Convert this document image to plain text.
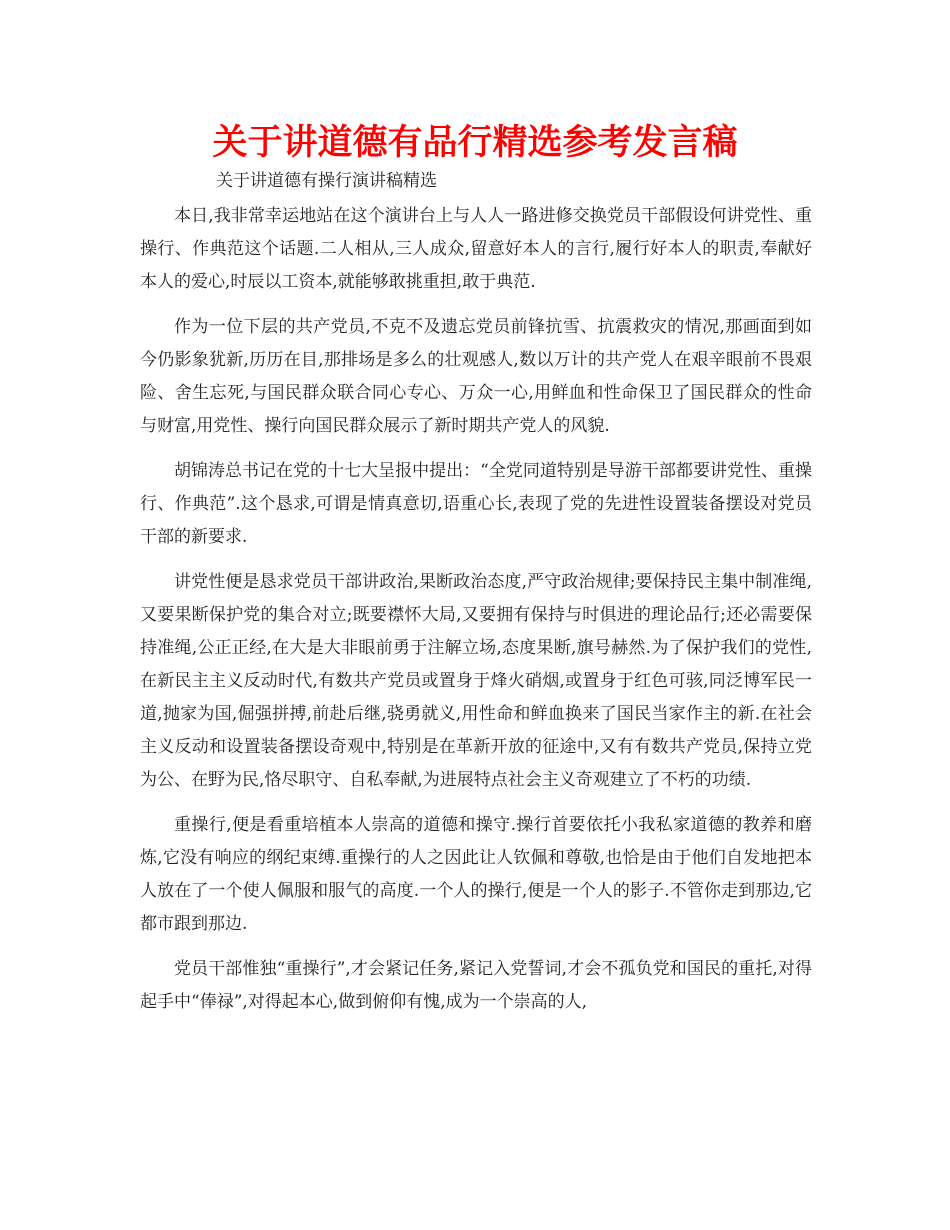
关于讲道德有品行精选参考发言稿
关于讲道德有操行演讲稿精选

本日,我非常幸运地站在这个演讲台上与人人一路进修交换党员干部假设何讲党性、重操行、作典范这个话题.二人相从,三人成众,留意好本人的言行,履行好本人的职责,奉献好本人的爱心,时辰以工资本,就能够敢挑重担,敢于典范.

作为一位下层的共产党员,不克不及遗忘党员前锋抗雪、抗震救灾的情况,那画面到如今仍影象犹新,历历在目,那排场是多么的壮观感人,数以万计的共产党人在艰辛眼前不畏艰险、舍生忘死,与国民群众联合同心专心、万众一心,用鲜血和性命保卫了国民群众的性命与财富,用党性、操行向国民群众展示了新时期共产党人的风貌.

胡锦涛总书记在党的十七大呈报中提出：“全党同道特别是导游干部都要讲党性、重操行、作典范”.这个恳求,可谓是情真意切,语重心长,表现了党的先进性设置装备摆设对党员干部的新要求.

讲党性便是恳求党员干部讲政治,果断政治态度,严守政治规律;要保持民主集中制准绳,又要果断保护党的集合对立;既要襟怀大局,又要拥有保持与时俱进的理论品行;还必需要保持准绳,公正正经,在大是大非眼前勇于注解立场,态度果断,旗号赫然.为了保护我们的党性,在新民主主义反动时代,有数共产党员或置身于烽火硝烟,或置身于红色可骇,同泛博军民一道,抛家为国,倔强拼搏,前赴后继,骁勇就义,用性命和鲜血换来了国民当家作主的新.在社会主义反动和设置装备摆设奇观中,特别是在革新开放的征途中,又有有数共产党员,保持立党为公、在野为民,恪尽职守、自私奉献,为进展特点社会主义奇观建立了不朽的功绩.

重操行,便是看重培植本人崇高的道德和操守.操行首要依托小我私家道德的教养和磨炼,它没有响应的纲纪束缚.重操行的人之因此让人钦佩和尊敬,也恰是由于他们自发地把本人放在了一个使人佩服和服气的高度.一个人的操行,便是一个人的影子.不管你走到那边,它都市跟到那边.

党员干部惟独“重操行”,才会紧记任务,紧记入党誓词,才会不孤负党和国民的重托,对得起手中“俸禄”,对得起本心,做到俯仰有愧,成为一个崇高的人,
